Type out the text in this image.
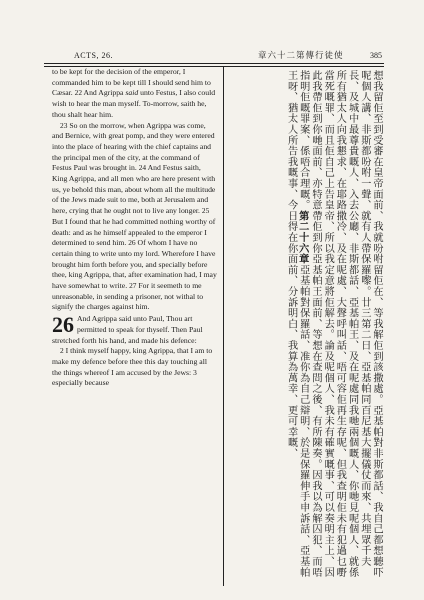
ACTS, 26.	章六十二第傳行徒使	385

to be kept for the decision of the emperor, I commanded him to be kept till I should send him to Cæsar. 22 And Agrippa said unto Festus, I also could wish to hear the man myself. To-morrow, saith he, thou shalt hear him.

23 So on the morrow, when Agrippa was come, and Bernice, with great pomp, and they were entered into the place of hearing with the chief captains and the principal men of the city, at the command of Festus Paul was brought in. 24 And Festus saith, King Agrippa, and all men who are here present with us, ye behold this man, about whom all the multitude of the Jews made suit to me, both at Jerusalem and here, crying that he ought not to live any longer. 25 But I found that he had committed nothing worthy of death: and as he himself appealed to the emperor I determined to send him. 26 Of whom I have no certain thing to write unto my lord. Wherefore I have brought him forth before you, and specially before thee, king Agrippa, that, after examination had, I may have somewhat to write. 27 For it seemeth to me unreasonable, in sending a prisoner, not withal to signify the charges against him.

26 And Agrippa said unto Paul, Thou art permitted to speak for thyself. Then Paul stretched forth his hand, and made his defence:

2 I think myself happy, king Agrippa, that I am to make my defence before thee this day touching all the things whereof I am accused by the Jews: 3 especially because	想我留佢至到受審在皇帝面前、我就吩咐留佢在、等我解佢到該撒處。亞基帕對非斯都話、我自己都想聽吓呢個人講、非斯都吩咐一聲、就有人帶保羅嚟。廿三第二日、亞基帕同百尼基大擺儀仗而來、共埋眾千夫長、及城中最尊貴嘅人、入去公廳、非斯都話、亞基帕王、及在呢處同我哋兩個嘅人、你哋見呢個人、就係所有猶太人向我懇求、在耶路撒冷、及在呢處、大聲呼叫話、唔可容佢再生存呢、但我查明佢未有犯過乜嘢當死嘅罪、而且佢自己上告皇帝、所以我定意將佢解去。論及呢個人、我未有確實嘅事、可以奏明主上、因此我帶佢到你哋面前、亦特意帶佢到你亞基帕王面前、等想在查問之後、有所陳奏。因我以為解囚犯、而唔指明佢嘅罪案、係唔合理嘅。第二十六章亞基帕對保羅話、准你為自己辯明、於是保羅伸手申訴話、亞基帕王呀、猶太人所告我嘅事、今日得在你面前、分訴明白、我算為萬幸、更可幸嘅、
